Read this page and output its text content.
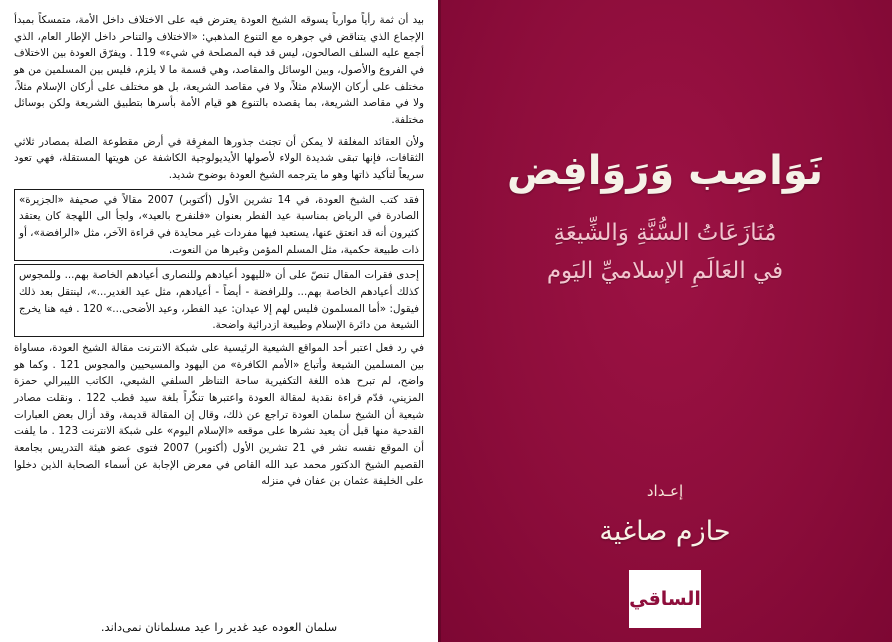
بيد أن ثمة رأياً موارباً يسوقه الشيخ العودة يعترض فيه على الاختلاف داخل الأمة، متمسكاً بمبدأ الإجماع الذي يتناقض في جوهره مع التنوع المذهبي: «الاختلاف والتناحر داخل الإطار العام، الذي أجمع عليه السلف الصالحون، ليس قد فيه المصلحة في شيء» 119 . ويفرّق العودة بين الاختلاف في الفروع والأصول، وبين الوسائل والمقاصد، وهي قسمة ما لا يلزم، فليس بين المسلمين من هو مختلف على أركان الإسلام مثلاً، ولا في مقاصد الشريعة، بل هو مختلف على أركان الإسلام مثلاً، ولا في مقاصد الشريعة، بما يقصده بالتنوع هو قيام الأمة بأسرها بتطبيق الشريعة ولكن بوسائل مختلفة.

ولأن العقائد المغلقة لا يمكن أن تجتث جذورها المغرِقة في أرض مقطوعة الصلة بمصادر ثلاثي الثقافات، فإنها تبقى شديدة الولاء لأصولها الأيديولوجية الكاشفة عن هويتها المستقلة، فهي تعود سريعاً لتأكيد ذاتها وهو ما يترجمه الشيخ العودة بوضوح شديد.

فقد كتب الشيخ العودة، في 14 تشرين الأول (أكتوبر) 2007 مقالاً في صحيفة «الجزيرة» الصادرة في الرياض بمناسبة عيد الفطر بعنوان «فلنفرح بالعيد»، ولجأ الى اللهجة كان يعتقد كثيرون أنه قد انعتق عنها، يستعيد فيها مفردات غير محايدة في قراءة الآخر، مثل «الرافضة»، أو ذات طبيعة حكمية، مثل المسلم المؤمن وغيرها من النعوت.

إحدى فقرات المقال تنصّ على أن «لليهود أعيادهم وللنصارى أعيادهم الخاصة بهم... وللمجوس كذلك أعيادهم الخاصة بهم... وللرافضة - أيضاً - أعيادهم، مثل عيد الغدير...»، لينتقل بعد ذلك فيقول: «أما المسلمون فليس لهم إلا عيدان: عيد الفطر، وعيد الأضحى...» 120 . فيه هنا يخرج الشيعة من دائرة الإسلام وطبيعة ازدرائية واضحة.

في رد فعل اعتبر أحد المواقع الشيعية الرئيسية على شبكة الانترنت مقالة الشيخ العودة، مساواة بين المسلمين الشيعة وأتباع «الأمم الكافرة» من اليهود والمسيحيين والمجوس 121 . وكما هو واضح، لم تبرح هذه اللغة التكفيرية ساحة التناظر السلفي الشيعي، الكاتب الليبرالي حمزة المزيني، قدّم قراءة نقدية لمقالة العودة واعتبرها تنكّراً بلغة سيد قطب 122 . ونقلت مصادر شيعية أن الشيخ سلمان العودة تراجع عن ذلك، وقال إن المقالة قديمة، وقد أزال بعض العبارات القدحية منها قبل أن يعيد نشرها على موقعه «الإسلام اليوم» على شبكة الانترنت 123 . ما يلفت أن الموقع نفسه نشر في 21 تشرين الأول (أكتوبر) 2007 فتوى عضو هيئة التدريس بجامعة القصيم الشيخ الدكتور محمد عبد الله القاص في معرض الإجابة عن أسماء الصحابة الذين دخلوا على الخليفة عثمان بن عفان في منزله

سلمان العوده عید غدیر را عید مسلمانان نمی‌داند.
نَوَاصِب وَرَوَافِض
مُنَازَعَاتُ السُّنَّةِ وَالشِّيعَةِ
في العَالَمِ الإسلاميِّ اليَوم
إعـداد
حازم صاغية
الساقي
